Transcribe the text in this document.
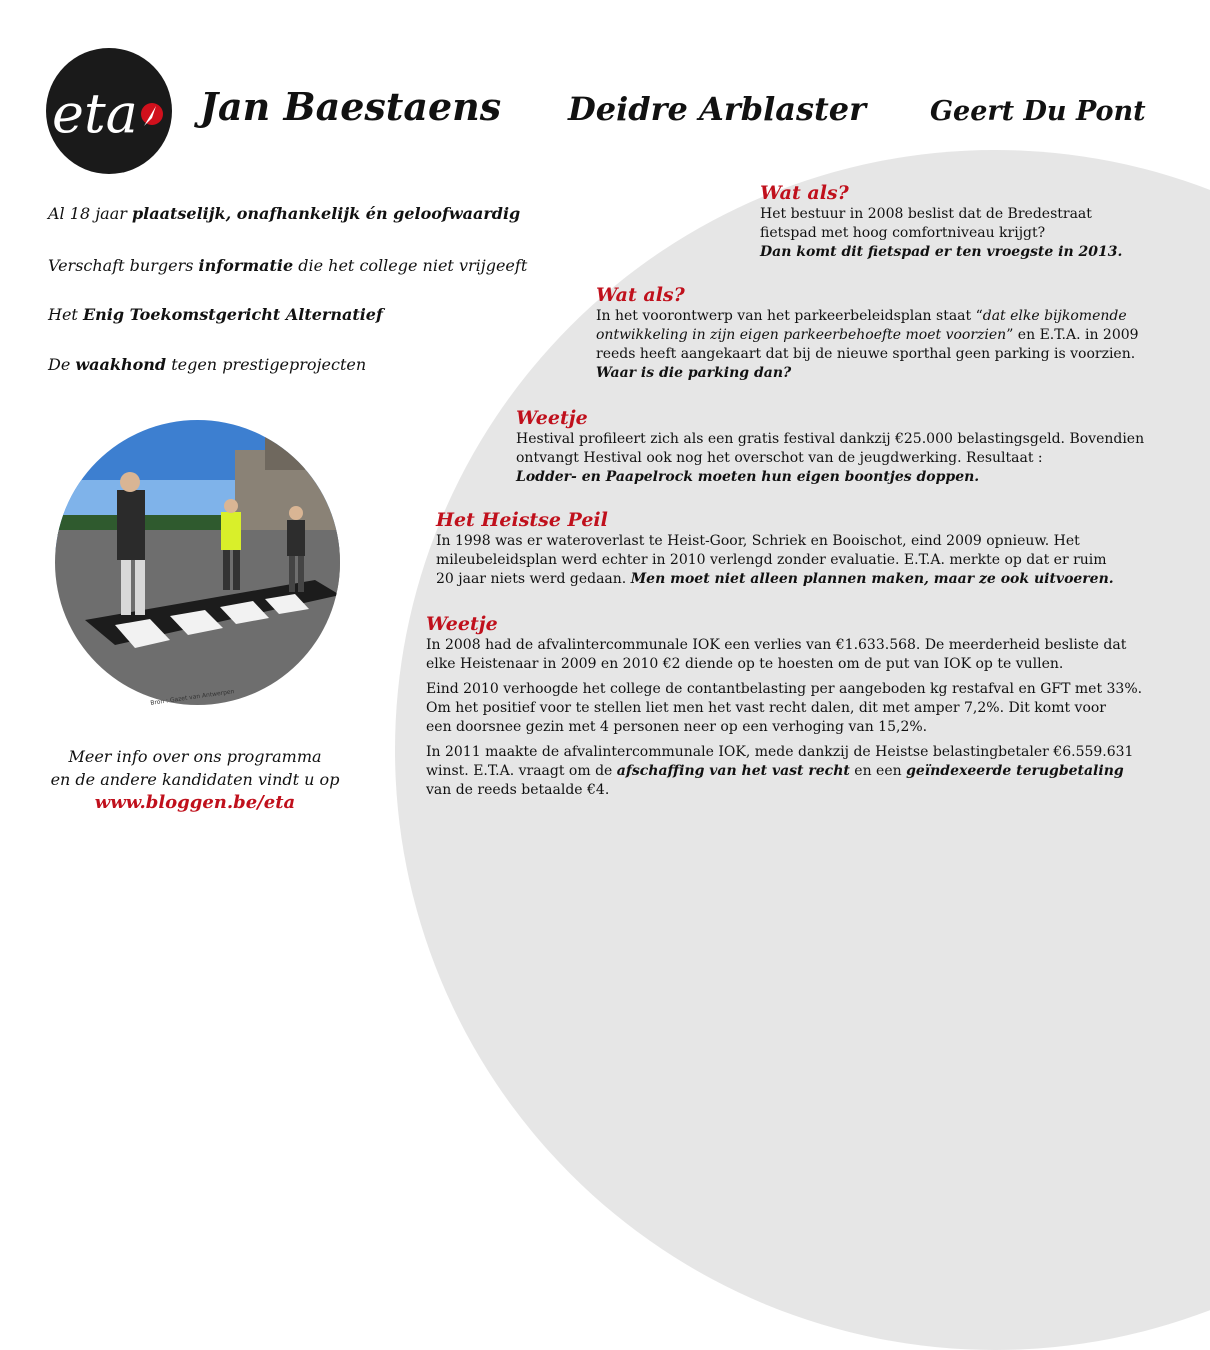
eta Jan Baestaens Deidre Arblaster Geert Du Pont
Al 18 jaar plaatselijk, onafhankelijk én geloofwaardig
Verschaft burgers informatie die het college niet vrijgeeft
Het Enig Toekomstgericht Alternatief
De waakhond tegen prestigeprojecten
Bron : Gazet van Antwerpen
Meer info over ons programma
en de andere kandidaten vindt u op
www.bloggen.be/eta
Wat als?
Het bestuur in 2008 beslist dat de Bredestraat
fietspad met hoog comfortniveau krijgt?
Dan komt dit fietspad er ten vroegste in 2013.
Wat als?
In het voorontwerp van het parkeerbeleidsplan staat “dat elke bijkomende
ontwikkeling in zijn eigen parkeerbehoefte moet voorzien” en E.T.A. in 2009
reeds heeft aangekaart dat bij de nieuwe sporthal geen parking is voorzien.
Waar is die parking dan?
Weetje
Hestival profileert zich als een gratis festival dankzij €25.000 belastingsgeld. Bovendien
ontvangt Hestival ook nog het overschot van de jeugdwerking. Resultaat :
Lodder- en Paapelrock moeten hun eigen boontjes doppen.
Het Heistse Peil
In 1998 was er wateroverlast te Heist-Goor, Schriek en Booischot, eind 2009 opnieuw. Het
mileubeleidsplan werd echter in 2010 verlengd zonder evaluatie. E.T.A. merkte op dat er ruim
20 jaar niets werd gedaan. Men moet niet alleen plannen maken, maar ze ook uitvoeren.
Weetje

In 2008 had de afvalintercommunale IOK een verlies van €1.633.568. De meerderheid besliste dat
elke Heistenaar in 2009 en 2010 €2 diende op te hoesten om de put van IOK op te vullen.

Eind 2010 verhoogde het college de contantbelasting per aangeboden kg restafval en GFT met 33%.
Om het positief voor te stellen liet men het vast recht dalen, dit met amper 7,2%. Dit komt voor
een doorsnee gezin met 4 personen neer op een verhoging van 15,2%.

In 2011 maakte de afvalintercommunale IOK, mede dankzij de Heistse belastingbetaler €6.559.631
winst. E.T.A. vraagt om de afschaffing van het vast recht en een geïndexeerde terugbetaling
van de reeds betaalde €4.
